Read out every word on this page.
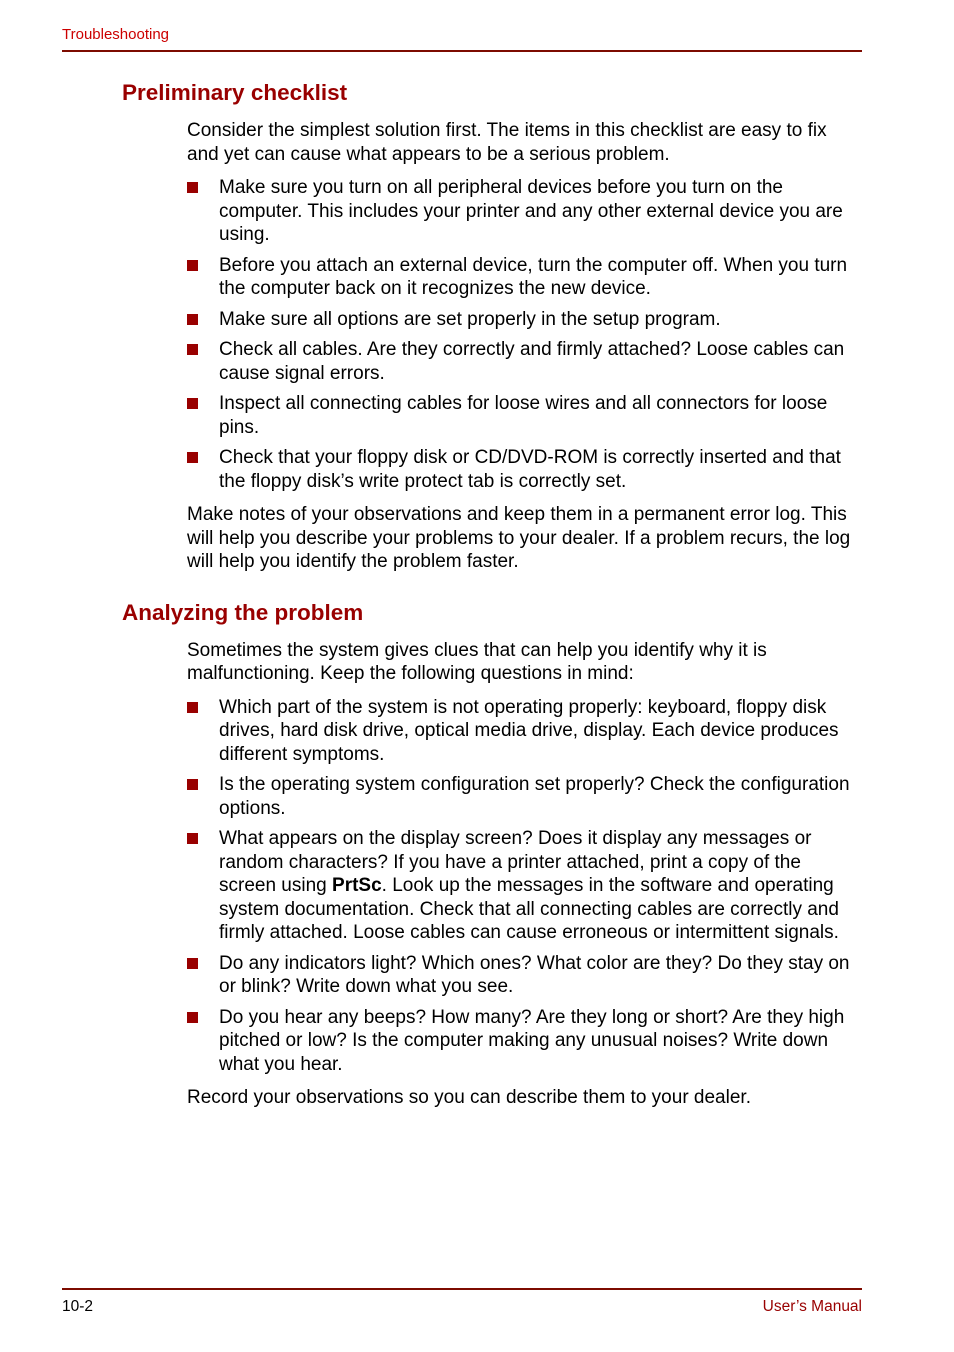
Troubleshooting
Preliminary checklist

Consider the simplest solution first. The items in this checklist are easy to fix and yet can cause what appears to be a serious problem.

Make sure you turn on all peripheral devices before you turn on the computer. This includes your printer and any other external device you are using.
Before you attach an external device, turn the computer off. When you turn the computer back on it recognizes the new device.
Make sure all options are set properly in the setup program.
Check all cables. Are they correctly and firmly attached? Loose cables can cause signal errors.
Inspect all connecting cables for loose wires and all connectors for loose pins.
Check that your floppy disk or CD/DVD-ROM is correctly inserted and that the floppy disk’s write protect tab is correctly set.

Make notes of your observations and keep them in a permanent error log. This will help you describe your problems to your dealer. If a problem recurs, the log will help you identify the problem faster.

Analyzing the problem

Sometimes the system gives clues that can help you identify why it is malfunctioning. Keep the following questions in mind:

Which part of the system is not operating properly: keyboard, floppy disk drives, hard disk drive, optical media drive, display. Each device produces different symptoms.
Is the operating system configuration set properly? Check the configuration options.
What appears on the display screen? Does it display any messages or random characters? If you have a printer attached, print a copy of the screen using PrtSc. Look up the messages in the software and operating system documentation. Check that all connecting cables are correctly and firmly attached. Loose cables can cause erroneous or intermittent signals.
Do any indicators light? Which ones? What color are they? Do they stay on or blink? Write down what you see.
Do you hear any beeps? How many? Are they long or short? Are they high pitched or low? Is the computer making any unusual noises? Write down what you hear.

Record your observations so you can describe them to your dealer.

10-2	User’s Manual
